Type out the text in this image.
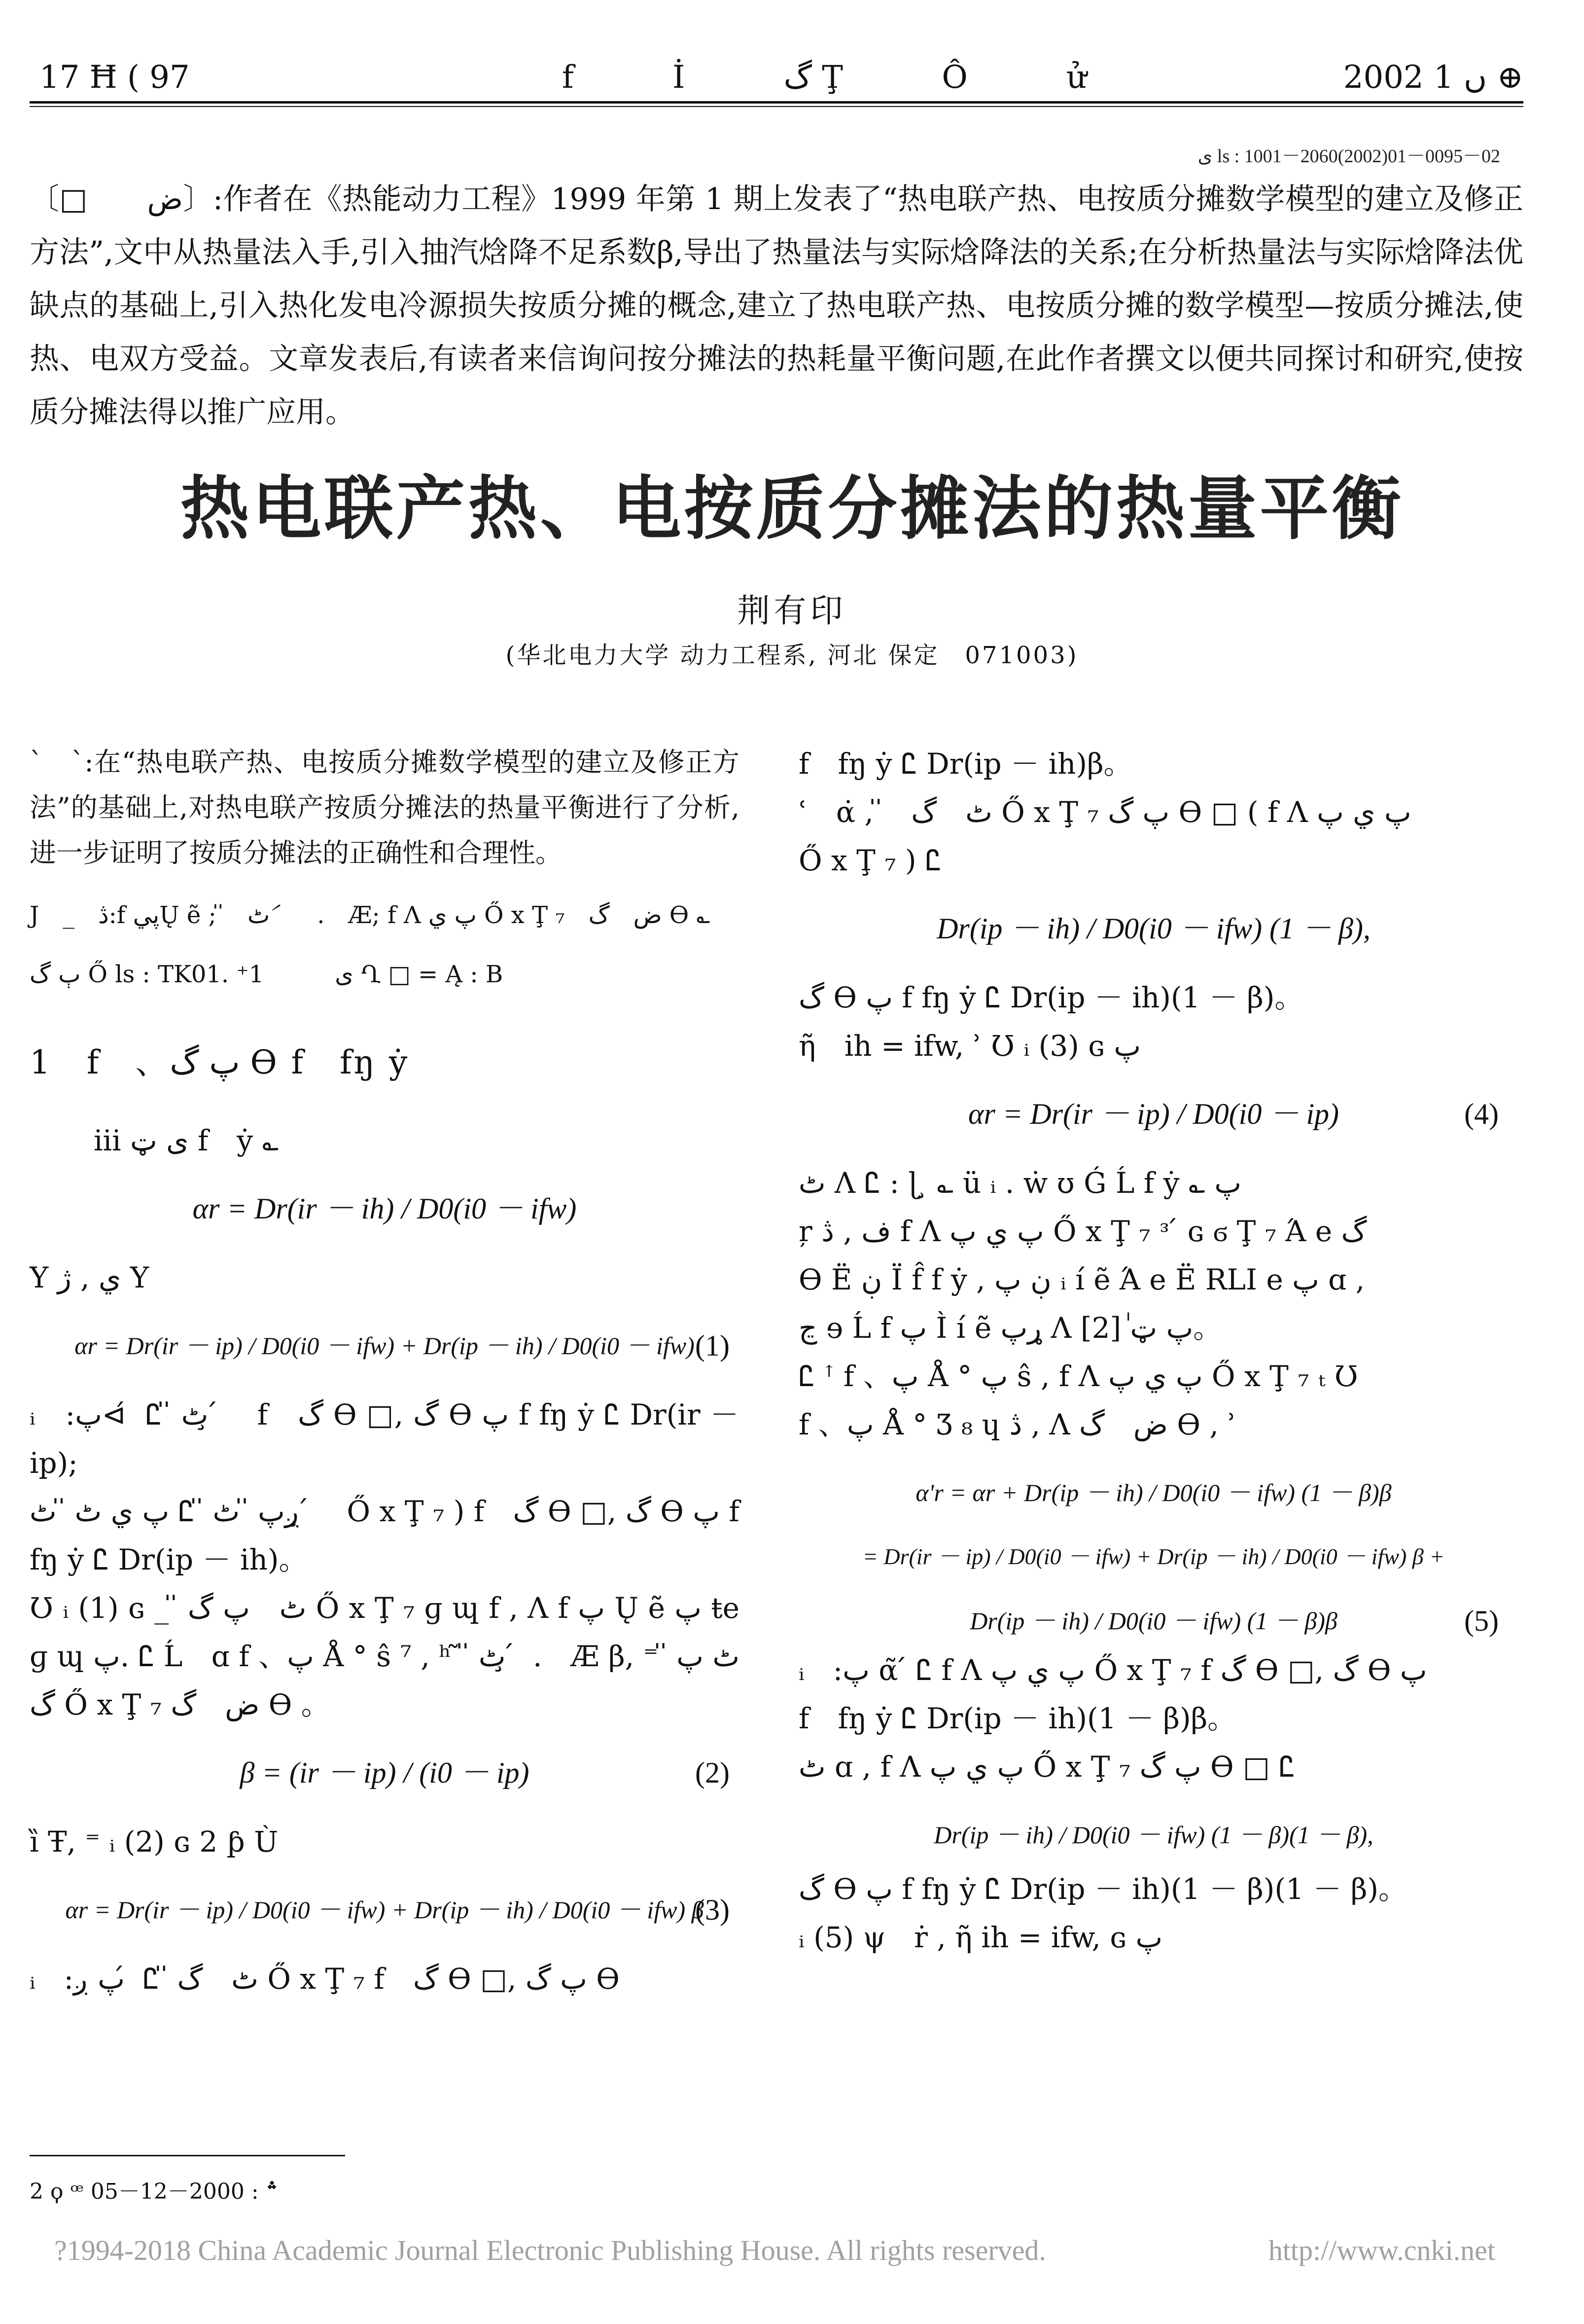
17 Ħ ( 97	f İ گ Ţ Ô ử	2002 ں 1 ⊕
ى ls : 1001－2060(2002)01－0095－02
〔□　　ض〕:作者在《热能动力工程》1999 年第 1 期上发表了“热电联产热、电按质分摊数学模型的建立及修正方法”,文中从热量法入手,引入抽汽焓降不足系数β,导出了热量法与实际焓降法的关系;在分析热量法与实际焓降法优缺点的基础上,引入热化发电冷源损失按质分摊的概念,建立了热电联产热、电按质分摊的数学模型—按质分摊法,使热、电双方受益。文章发表后,有读者来信询问按分摊法的热耗量平衡问题,在此作者撰文以便共同探讨和研究,使按质分摊法得以推广应用。
热电联产热、电按质分摊法的热量平衡
荆有印
(华北电力大学 动力工程系, 河北 保定　071003)
`　`:在“热电联产热、电按质分摊数学模型的建立及修正方法”的基础上,对热电联产按质分摊法的热量平衡进行了分析,进一步证明了按质分摊法的正确性和合理性。
J　_　ڎ:f پيŲ ẽ ; ̎　ٹ　́　.　Æ; f Ʌ پ ي Ő x Ţ ₇　ض　گ ϴ ؎
ٻ گ Ő ls : TK01. ⁺1　　　ى Ղ □ = Ą : B
1　f　、پ گ ϴ f　fŋ ẏ
iii ى ټ f　ẏ ؎
αr = Dr(ir － ih) / D0(i0 － ifw)
Y ي , ژ Y
αr = Dr(ir － ip) / D0(i0 － ifw) + Dr(ip － ih) / D0(i0 － ifw) (1)
ᵢ　:پ⊲ ́ Ꮭ ̎ ٹ ̧ ́　f　گ ϴ □, گ ϴ پ f fŋ ẏ Ꮭ Dr(ir － ip);
پ ي ٹ ̎ ٹ Ꮭ ̎ ږپ ̎ ٹ ̧ ́　Ő x Ţ ₇ ) f　گ ϴ □, گ ϴ پ f　fŋ ẏ Ꮭ Dr(ip － ih)。
Ʊ ᵢ (1) ɢ _ ̎ ٹ　پ گ Ő x Ţ ₇ ɡ ɰ f , Ʌ f پ Ų ẽ پ ŧe ɡ ɰ پ. Ꮭ Ĺ　ɑ f 、پ Å ° ŝ ⁷ , ʰ ̃ ̎ ٹ ̧ ́ .　Æ β, ⁼ ̎ ٹ پ گ Ő x Ţ ₇ ض　گ ϴ 。
β = (ir － ip) / (i0 － ip)	(2)
ȉ Ŧ, ⁼ ᵢ (2) ɢ 2 ƥ Ù
αr = Dr(ir － ip) / D0(i0 － ifw) + Dr(ip － ih) / D0(i0 － ifw) β
(3)
ᵢ　:پ ږ ́ Ꮭ ̎ ٹ　گ Ő x Ţ ₇ f　گ ϴ □, پ گ ϴ
f　fŋ ẏ Ꮭ Dr(ip － ih)β。
ʿ　α̇ , ̎　ٹ　گ Ő x Ţ ₇ پ گ ϴ □ ( f Ʌ پ ي پ
Ő x Ţ ₇ ) Ꮭ
Dr(ip － ih) / D0(i0 － ifw) (1 － β),
گ ϴ پ f fŋ ẏ Ꮭ Dr(ip － ih)(1 － β)。
ῆ　ih = ifw, ʾ Ʊ ᵢ (3) ɢ پ
αr = Dr(ir － ip) / D0(i0 － ip)	(4)
ٹ Ʌ Ꮭ : ɭ ̧ ؎ ü ᵢ . ẇ ʊ Ǵ Ĺ f ẏ ؎ پ
ŗ ف , ڎ f Ʌ پ ي پ Ő x Ţ ₇ ᵌ ́ ɢ ϭ Ţ ₇ Ά e گ
ϴ Ë ڹ Ï f̂ f ẏ , ڹ پ ᵢ í ẽ Ά e Ë RLI e پ ɑ ,
ڃ ɘ Ĺ f پ Ì í ẽ ړپ Ʌ پ ټ ٰ[2]。
Ꮭ ꜛ f 、پ Å ° پ ŝ , f Ʌ پ ي پ Ő x Ţ ₇ ₜ Ʊ
f 、پ Å ° Ʒ ₈ ɥ ڎ , Ʌ ض　گ ϴ , ʾ
α'r = αr + Dr(ip － ih) / D0(i0 － ifw) (1 － β)β
= Dr(ir － ip) / D0(i0 － ifw) + Dr(ip － ih) / D0(i0 － ifw) β +
Dr(ip － ih) / D0(i0 － ifw) (1 － β)β	(5)
ᵢ　:پ α̃ ́ Ꮭ f Ʌ پ ي پ Ő x Ţ ₇ f گ ϴ □, گ ϴ پ
f　fŋ ẏ Ꮭ Dr(ip － ih)(1 － β)β。
ٹ ɑ , f Ʌ پ ي پ Ő x Ţ ₇ پ گ ϴ □ Ꮭ
Dr(ip － ih) / D0(i0 － ifw) (1 － β)(1 － β),
گ ϴ پ f fŋ ẏ Ꮭ Dr(ip － ih)(1 － β)(1 － β)。
ᵢ (5) ψ　ṙ , ῆ ih = ifw, ɢ پ
2 ϙ ꟹ ؞ : 2000－12－05
?1994-2018 China Academic Journal Electronic Publishing House. All rights reserved.	http://www.cnki.net
